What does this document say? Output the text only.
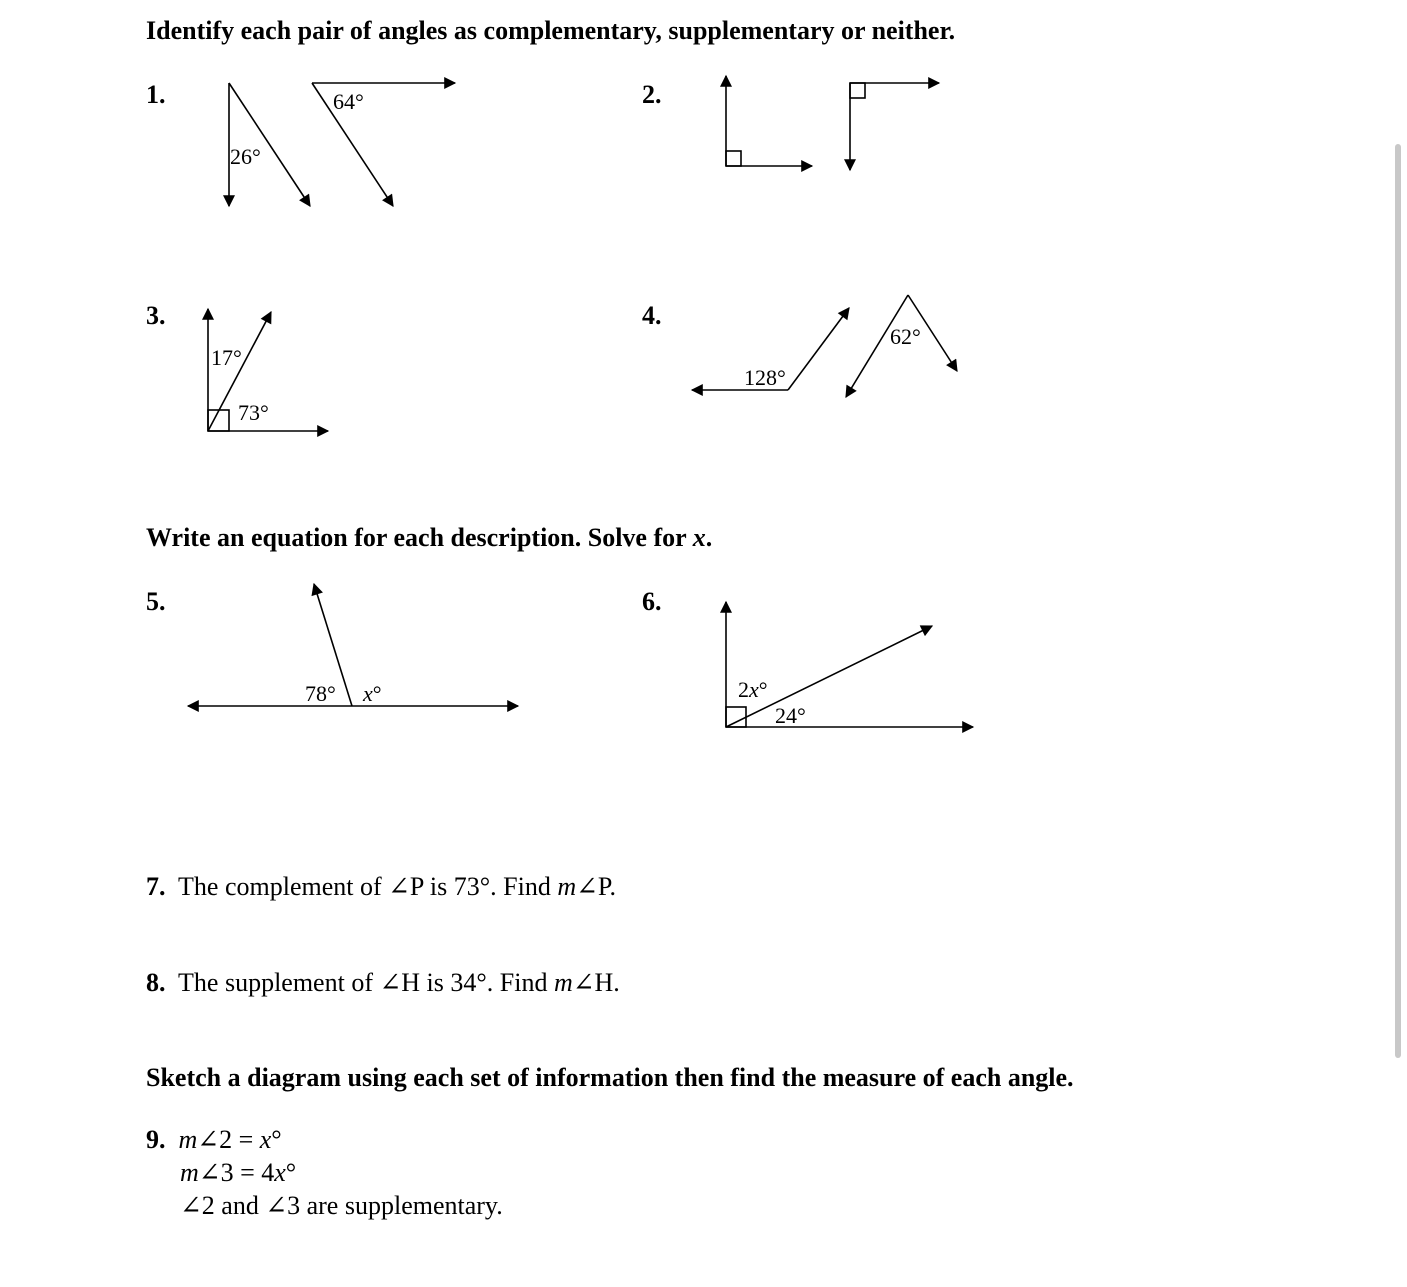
Identify each pair of angles as complementary, supplementary or neither.
Write an equation for each description. Solve for x.
Sketch a diagram using each set of information then find the measure of each angle.
1.	2.
3.	4.
5.	6.
26°
64°
17°
73°
128°
62°
78° x°	2x°
24°
7. The complement of ∠P is 73°. Find m∠P.
8. The supplement of ∠H is 34°. Find m∠H.
9. m∠2 = x°
m∠3 = 4x°
∠2 and ∠3 are supplementary.
